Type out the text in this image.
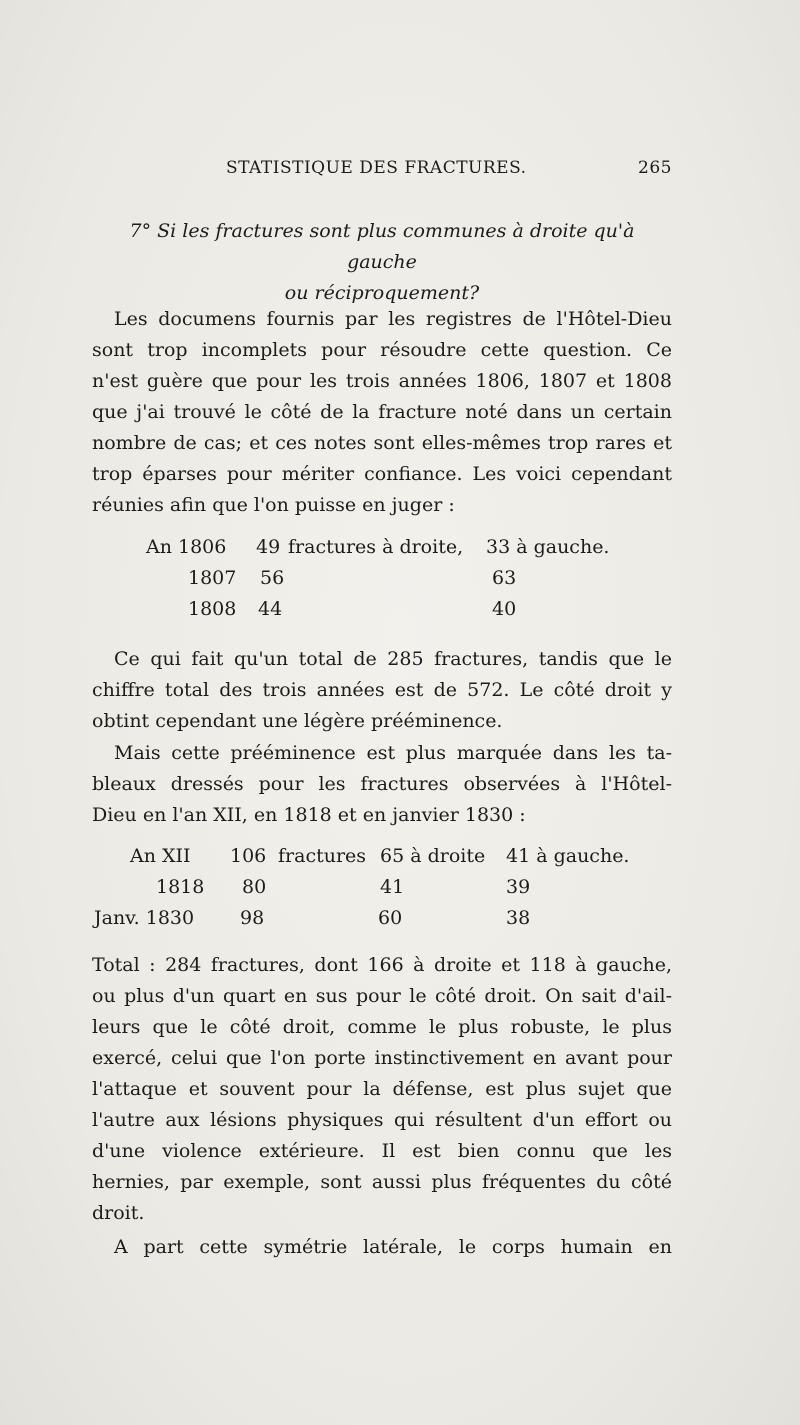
STATISTIQUE DES FRACTURES.	265
7° Si les fractures sont plus communes à droite qu'à gauche
ou réciproquement?
Les documens fournis par les registres de l'Hôtel-Dieu
sont trop incomplets pour résoudre cette question. Ce
n'est guère que pour les trois années 1806, 1807 et 1808
que j'ai trouvé le côté de la fracture noté dans un certain
nombre de cas; et ces notes sont elles-mêmes trop rares et
trop éparses pour mériter confiance. Les voici cependant
réunies afin que l'on puisse en juger :
An 1806 49 fractures à droite, 33 à gauche.
1807 56	63
1808 44	40
Ce qui fait qu'un total de 285 fractures, tandis que le
chiffre total des trois années est de 572. Le côté droit y
obtint cependant une légère prééminence.
Mais cette prééminence est plus marquée dans les ta-
bleaux dressés pour les fractures observées à l'Hôtel-
Dieu en l'an XII, en 1818 et en janvier 1830 :
An XII 106 fractures 65 à droite 41 à gauche.
1818 80	41	39
Janv. 1830 98	60	38
Total : 284 fractures, dont 166 à droite et 118 à gauche,
ou plus d'un quart en sus pour le côté droit. On sait d'ail-
leurs que le côté droit, comme le plus robuste, le plus
exercé, celui que l'on porte instinctivement en avant pour
l'attaque et souvent pour la défense, est plus sujet que
l'autre aux lésions physiques qui résultent d'un effort ou
d'une violence extérieure. Il est bien connu que les
hernies, par exemple, sont aussi plus fréquentes du côté
droit.
A part cette symétrie latérale, le corps humain en
